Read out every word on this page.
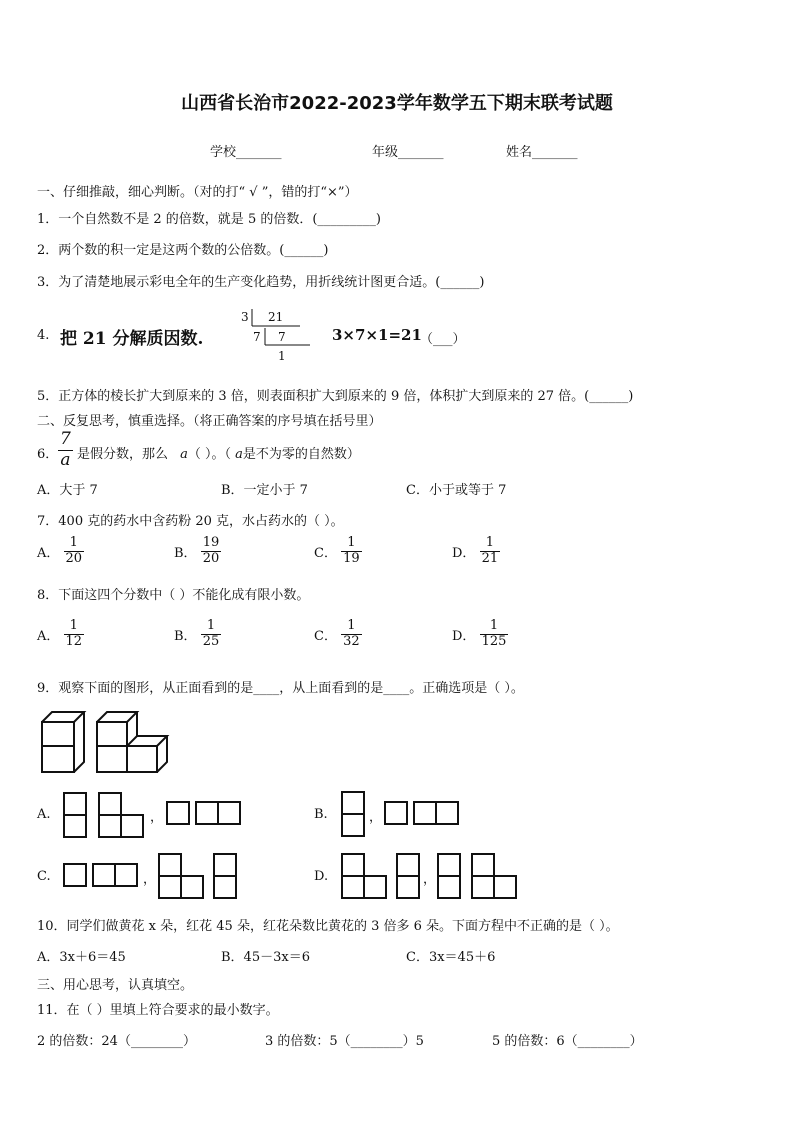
山西省长治市2022-2023学年数学五下期末联考试题
学校_______	年级_______	姓名_______
一、仔细推敲，细心判断。（对的打“ √ ”，错的打“×”）
1．一个自然数不是 2 的倍数，就是 5 的倍数．(_________)
2．两个数的积一定是这两个数的公倍数。(______)
3．为了清楚地展示彩电全年的生产变化趋势，用折线统计图更合适。(______)
4. 把 21 分解质因数.
3 21
7 7
1
3×7×1=21
（___）
5．正方体的棱长扩大到原来的 3 倍，则表面积扩大到原来的 9 倍，体积扩大到原来的 27 倍。(______)
二、反复思考，慎重选择。（将正确答案的序号填在括号里）
6． $\frac{7}{a}$ 是假分数，那么 a（ ）。（ a是不为零的自然数）
A．大于 7	B．一定小于 7	C．小于或等于 7
7．400 克的药水中含药粉 20 克，水占药水的（ ）。
A． $\frac{1}{20}$	B． $\frac{19}{20}$	C． $\frac{1}{19}$	D． $\frac{1}{21}$
8．下面这四个分数中（ ）不能化成有限小数。
A． $\frac{1}{12}$	B． $\frac{1}{25}$	C． $\frac{1}{32}$	D． $\frac{1}{125}$
9．观察下面的图形，从正面看到的是____，从上面看到的是____。正确选项是（ ）。
A.	，	B.	，
C.	，	D.	，
10．同学们做黄花 x 朵，红花 45 朵，红花朵数比黄花的 3 倍多 6 朵。下面方程中不正确的是（ ）。
A．3x＋6＝45	B．45－3x＝6	C．3x＝45＋6
三、用心思考，认真填空。
11．在（ ）里填上符合要求的最小数字。
2 的倍数：24（________）	3 的倍数：5（________）5	5 的倍数：6（________）
